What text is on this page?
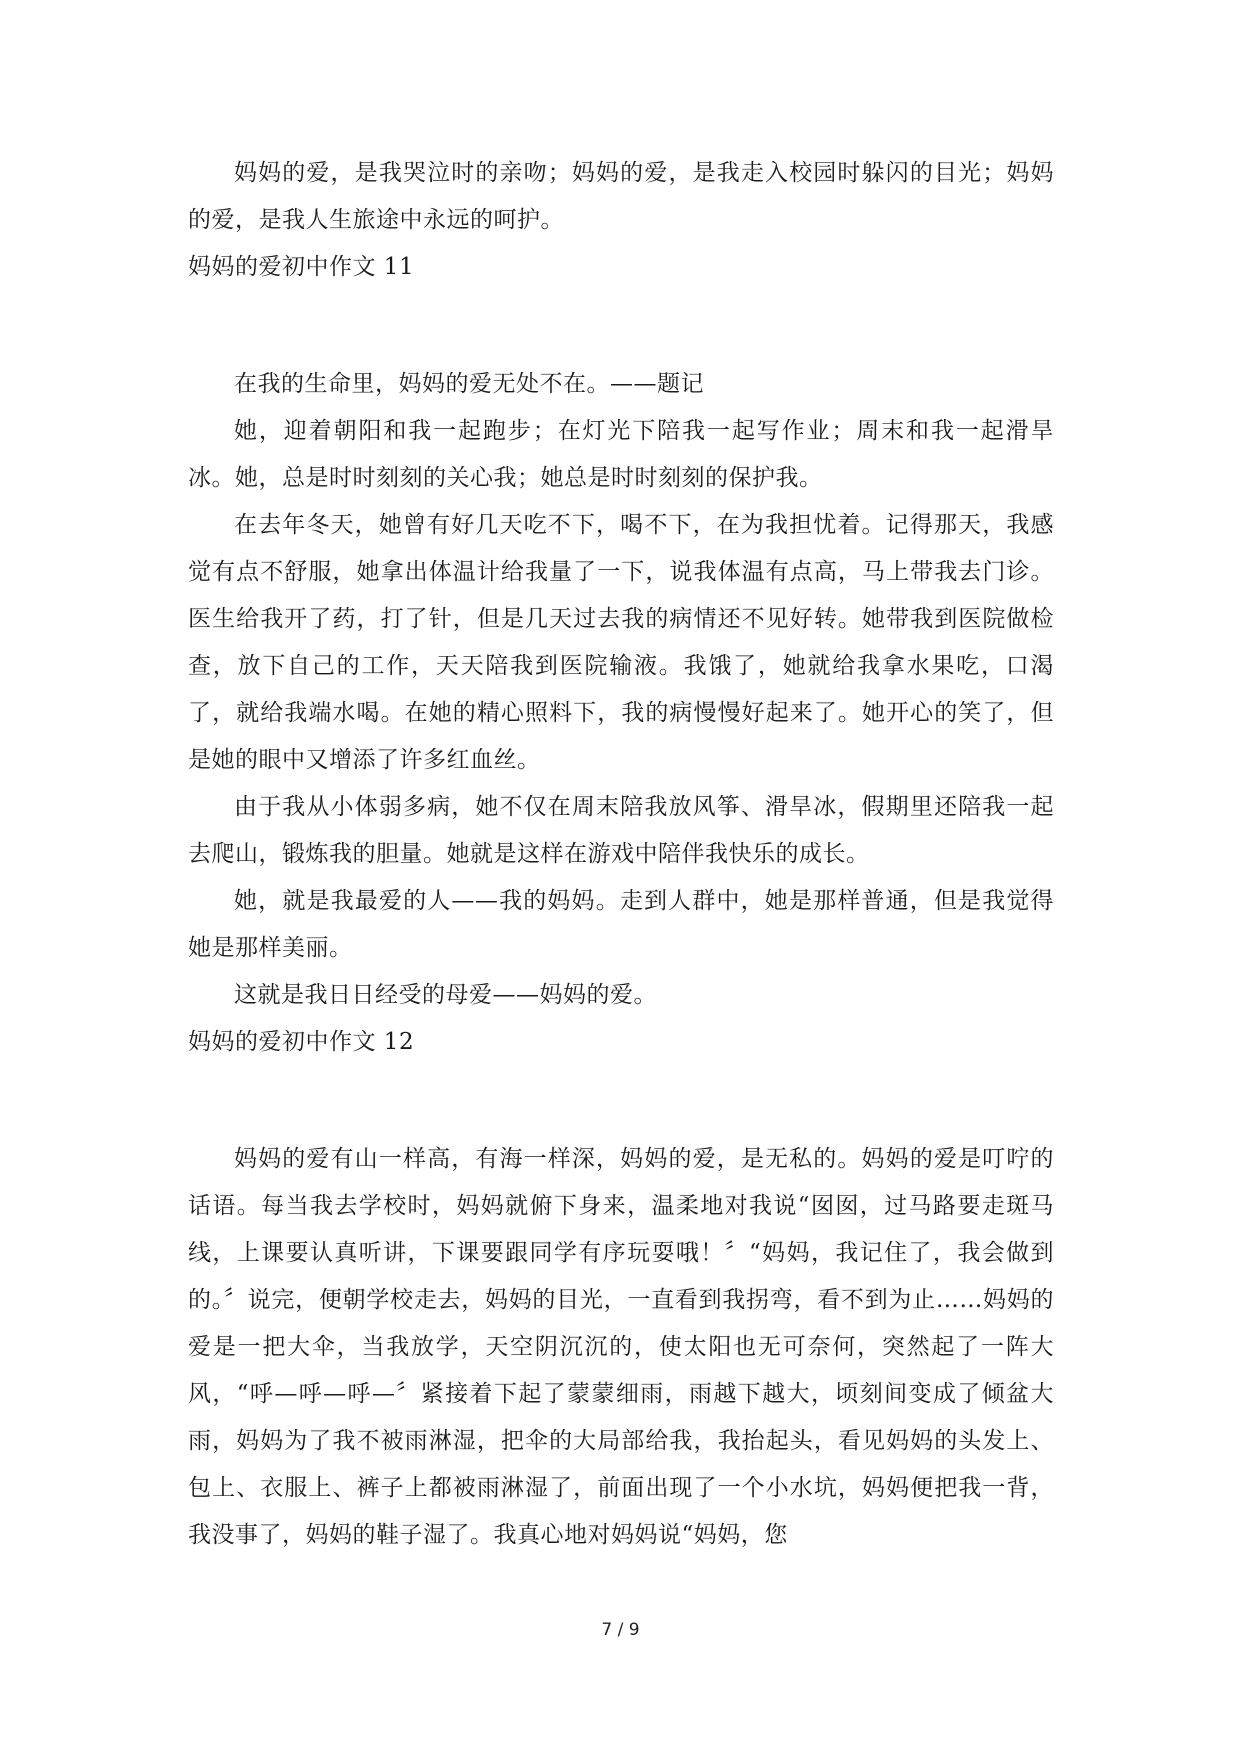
妈妈的爱，是我哭泣时的亲吻；妈妈的爱，是我走入校园时躲闪的目光；妈妈的爱，是我人生旅途中永远的呵护。

妈妈的爱初中作文 11

在我的生命里，妈妈的爱无处不在。——题记

她，迎着朝阳和我一起跑步；在灯光下陪我一起写作业；周末和我一起滑旱冰。她，总是时时刻刻的关心我；她总是时时刻刻的保护我。

在去年冬天，她曾有好几天吃不下，喝不下，在为我担忧着。记得那天，我感觉有点不舒服，她拿出体温计给我量了一下，说我体温有点高，马上带我去门诊。医生给我开了药，打了针，但是几天过去我的病情还不见好转。她带我到医院做检查，放下自己的工作，天天陪我到医院输液。我饿了，她就给我拿水果吃，口渴了，就给我端水喝。在她的精心照料下，我的病慢慢好起来了。她开心的笑了，但是她的眼中又增添了许多红血丝。

由于我从小体弱多病，她不仅在周末陪我放风筝、滑旱冰，假期里还陪我一起去爬山，锻炼我的胆量。她就是这样在游戏中陪伴我快乐的成长。

她，就是我最爱的人——我的妈妈。走到人群中，她是那样普通，但是我觉得她是那样美丽。

这就是我日日经受的母爱——妈妈的爱。

妈妈的爱初中作文 12

妈妈的爱有山一样高，有海一样深，妈妈的爱，是无私的。妈妈的爱是叮咛的话语。每当我去学校时，妈妈就俯下身来，温柔地对我说“囡囡，过马路要走斑马线，上课要认真听讲，下课要跟同学有序玩耍哦！〞“妈妈，我记住了，我会做到的。〞说完，便朝学校走去，妈妈的目光，一直看到我拐弯，看不到为止……妈妈的爱是一把大伞，当我放学，天空阴沉沉的，使太阳也无可奈何，突然起了一阵大风，“呼—呼—呼—〞紧接着下起了蒙蒙细雨，雨越下越大，顷刻间变成了倾盆大雨，妈妈为了我不被雨淋湿，把伞的大局部给我，我抬起头，看见妈妈的头发上、包上、衣服上、裤子上都被雨淋湿了，前面出现了一个小水坑，妈妈便把我一背，我没事了，妈妈的鞋子湿了。我真心地对妈妈说“妈妈，您

7 / 9
